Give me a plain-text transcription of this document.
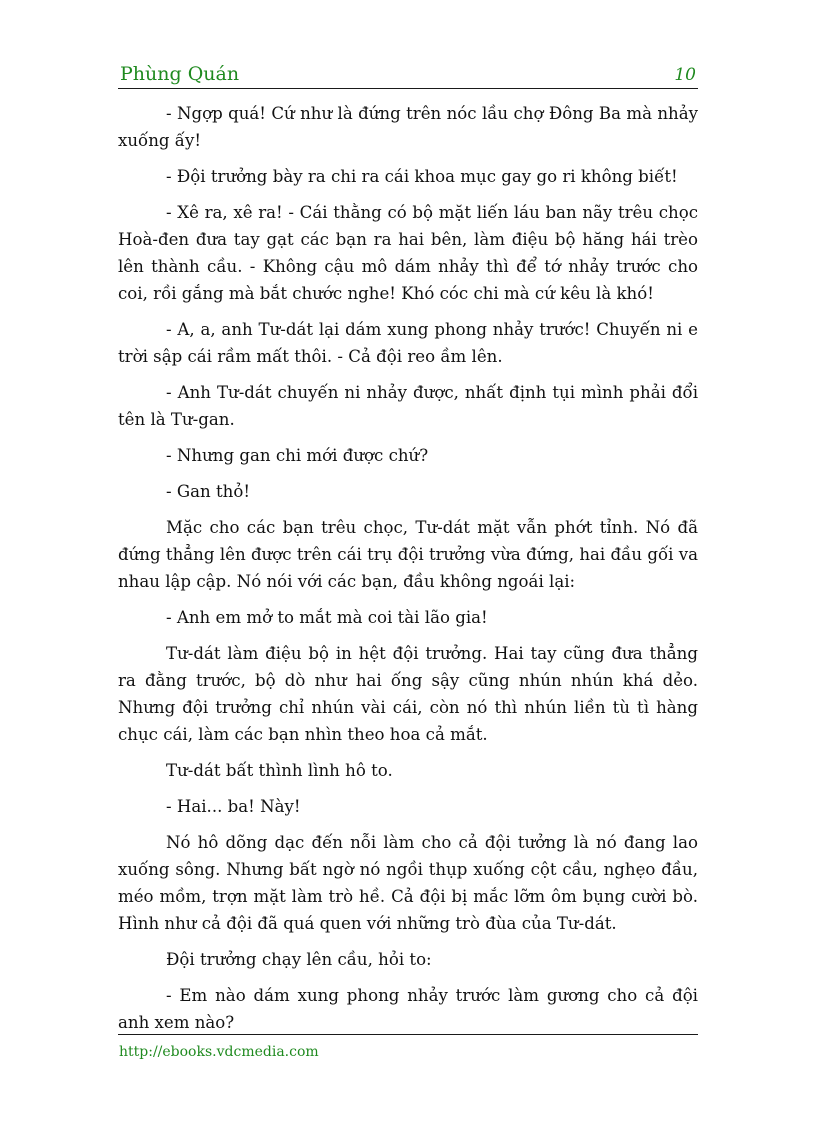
Phùng Quán	10

- Ngợp quá! Cứ như là đứng trên nóc lầu chợ Đông Ba mà nhảy xuống ấy!

- Đội trưởng bày ra chi ra cái khoa mục gay go ri không biết!

- Xê ra, xê ra! - Cái thằng có bộ mặt liến láu ban nãy trêu chọc Hoà-đen đưa tay gạt các bạn ra hai bên, làm điệu bộ hăng hái trèo lên thành cầu. - Không cậu mô dám nhảy thì để tớ nhảy trước cho coi, rồi gắng mà bắt chước nghe! Khó cóc chi mà cứ kêu là khó!

- A, a, anh Tư-dát lại dám xung phong nhảy trước! Chuyến ni e trời sập cái rầm mất thôi. - Cả đội reo ầm lên.

- Anh Tư-dát chuyến ni nhảy được, nhất định tụi mình phải đổi tên là Tư-gan.

- Nhưng gan chi mới được chứ?

- Gan thỏ!

Mặc cho các bạn trêu chọc, Tư-dát mặt vẫn phớt tỉnh. Nó đã đứng thẳng lên được trên cái trụ đội trưởng vừa đứng, hai đầu gối va nhau lập cập. Nó nói với các bạn, đầu không ngoái lại:

- Anh em mở to mắt mà coi tài lão gia!

Tư-dát làm điệu bộ in hệt đội trưởng. Hai tay cũng đưa thẳng ra đằng trước, bộ dò như hai ống sậy cũng nhún nhún khá dẻo. Nhưng đội trưởng chỉ nhún vài cái, còn nó thì nhún liền tù tì hàng chục cái, làm các bạn nhìn theo hoa cả mắt.

Tư-dát bất thình lình hô to.

- Hai... ba! Này!

Nó hô dõng dạc đến nỗi làm cho cả đội tưởng là nó đang lao xuống sông. Nhưng bất ngờ nó ngồi thụp xuống cột cầu, nghẹo đầu, méo mồm, trợn mặt làm trò hề. Cả đội bị mắc lỡm ôm bụng cười bò. Hình như cả đội đã quá quen với những trò đùa của Tư-dát.

Đội trưởng chạy lên cầu, hỏi to:

- Em nào dám xung phong nhảy trước làm gương cho cả đội anh xem nào?

http://ebooks.vdcmedia.com
